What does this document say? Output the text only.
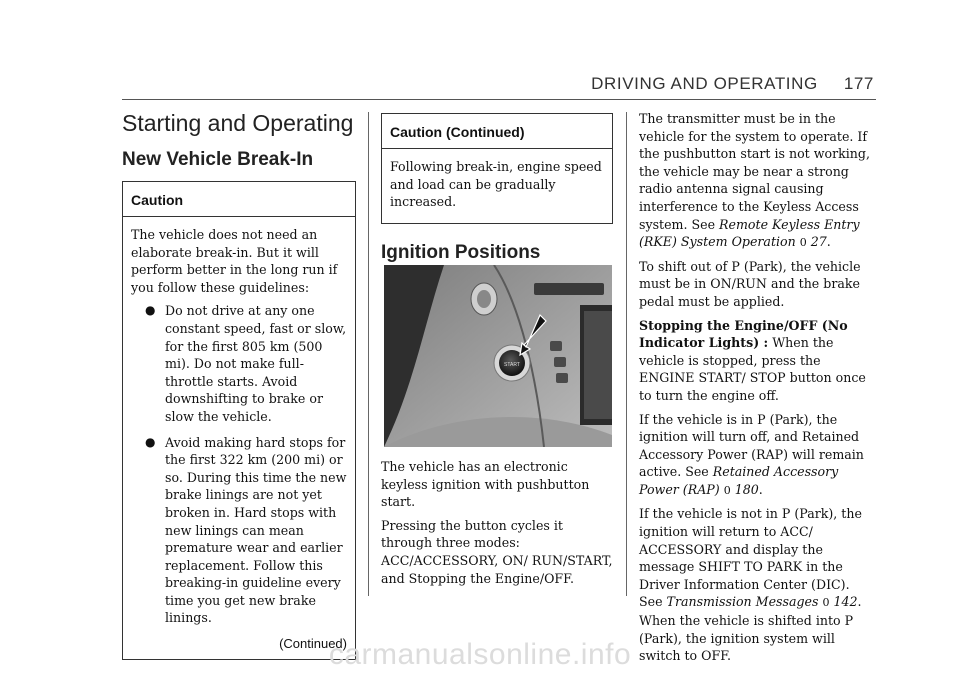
DRIVING AND OPERATING 177
Starting and Operating
New Vehicle Break-In
Caution

The vehicle does not need an elaborate break-in. But it will perform better in the long run if you follow these guidelines:

● Do not drive at any one constant speed, fast or slow, for the first 805 km (500 mi). Do not make full-throttle starts. Avoid downshifting to brake or slow the vehicle.
● Avoid making hard stops for the first 322 km (200 mi) or so. During this time the new brake linings are not yet broken in. Hard stops with new linings can mean premature wear and earlier replacement. Follow this breaking-in guideline every time you get new brake linings.
(Continued)
Caution (Continued)

Following break-in, engine speed and load can be gradually increased.

Ignition Positions
START

The vehicle has an electronic keyless ignition with pushbutton start.

Pressing the button cycles it through three modes: ACC/ACCESSORY, ON/ RUN/START, and Stopping the Engine/OFF.

The transmitter must be in the vehicle for the system to operate. If the pushbutton start is not working, the vehicle may be near a strong radio antenna signal causing interference to the Keyless Access system. See Remote Keyless Entry (RKE) System Operation 0 27.

To shift out of P (Park), the vehicle must be in ON/RUN and the brake pedal must be applied.

Stopping the Engine/OFF (No Indicator Lights) : When the vehicle is stopped, press the ENGINE START/ STOP button once to turn the engine off.

If the vehicle is in P (Park), the ignition will turn off, and Retained Accessory Power (RAP) will remain active. See Retained Accessory Power (RAP) 0 180.

If the vehicle is not in P (Park), the ignition will return to ACC/ ACCESSORY and display the message SHIFT TO PARK in the Driver Information Center (DIC). See Transmission Messages 0 142. When the vehicle is shifted into P (Park), the ignition system will switch to OFF.

carmanualsonline.info
